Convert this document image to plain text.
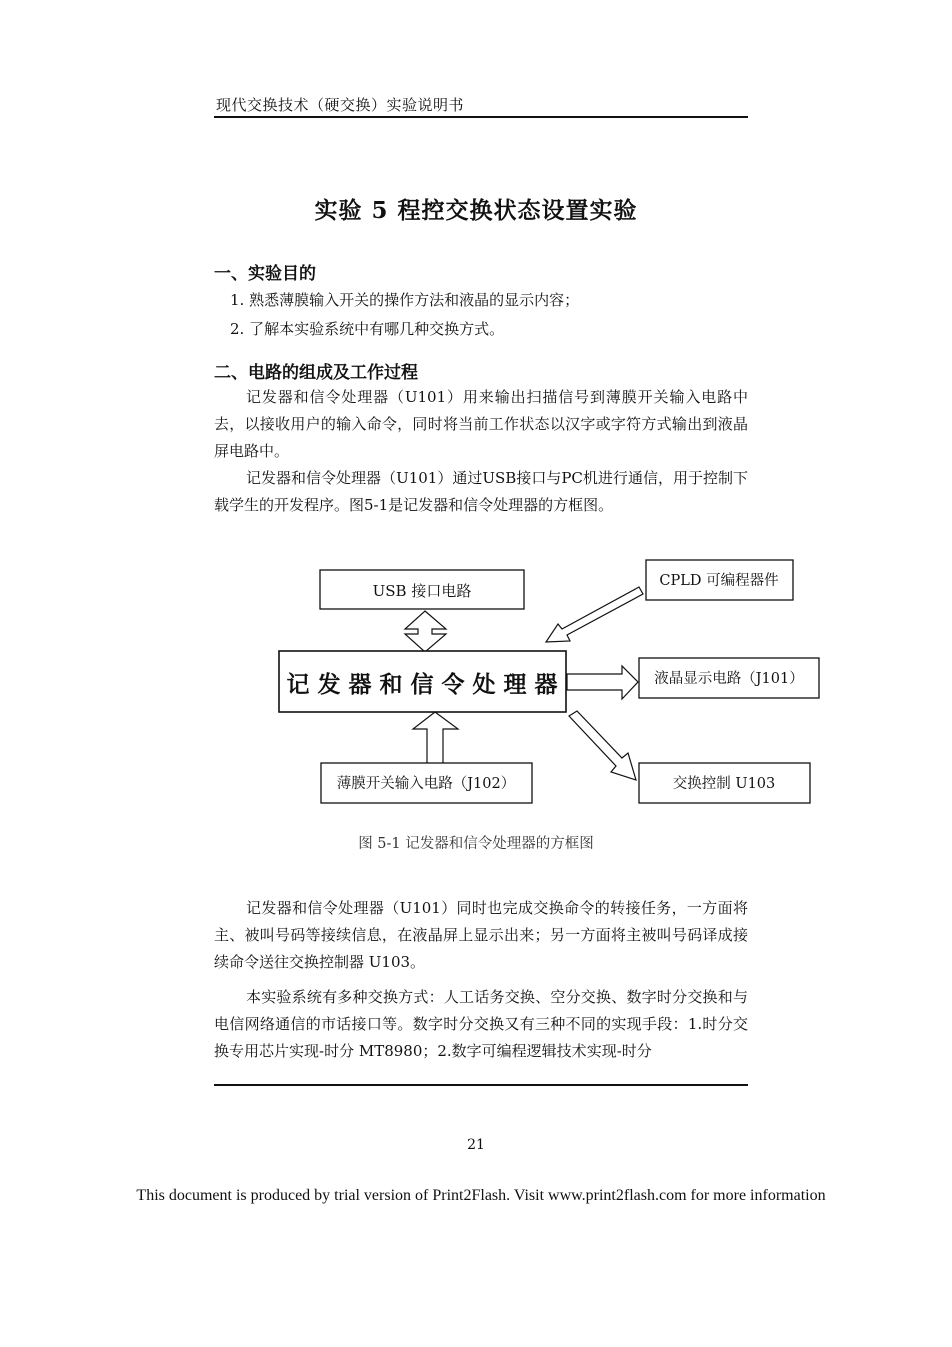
现代交换技术（硬交换）实验说明书
实验 5 程控交换状态设置实验
一、实验目的
1. 熟悉薄膜输入开关的操作方法和液晶的显示内容；
2. 了解本实验系统中有哪几种交换方式。
二、电路的组成及工作过程

记发器和信令处理器（U101）用来输出扫描信号到薄膜开关输入电路中去，以接收用户的输入命令，同时将当前工作状态以汉字或字符方式输出到液晶屏电路中。

记发器和信令处理器（U101）通过USB接口与PC机进行通信，用于控制下载学生的开发程序。图5-1是记发器和信令处理器的方框图。

USB 接口电路
CPLD 可编程器件
记 发 器 和 信 令 处 理 器	液晶显示电路（J101）
薄膜开关输入电路（J102）	交换控制 U103
图 5-1 记发器和信令处理器的方框图

记发器和信令处理器（U101）同时也完成交换命令的转接任务，一方面将主、被叫号码等接续信息，在液晶屏上显示出来；另一方面将主被叫号码译成接续命令送往交换控制器 U103。

本实验系统有多种交换方式：人工话务交换、空分交换、数字时分交换和与电信网络通信的市话接口等。数字时分交换又有三种不同的实现手段：1.时分交换专用芯片实现-时分 MT8980；2.数字可编程逻辑技术实现-时分

21
This document is produced by trial version of Print2Flash. Visit www.print2flash.com for more information
